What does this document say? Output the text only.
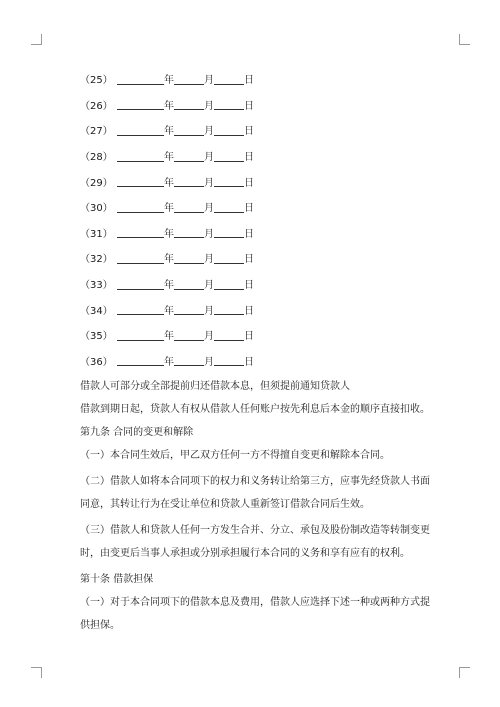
（25）	年	月	日
（26）	年	月	日
（27）	年	月	日
（28）	年	月	日
（29）	年	月	日
（30）	年	月	日
（31）	年	月	日
（32）	年	月	日
（33）	年	月	日
（34）	年	月	日
（35）	年	月	日
（36）	年	月	日

借款人可部分或全部提前归还借款本息，但须提前通知贷款人

借款到期日起，贷款人有权从借款人任何账户按先利息后本金的顺序直接扣收。

第九条 合同的变更和解除

（一）本合同生效后，甲乙双方任何一方不得擅自变更和解除本合同。

（二）借款人如将本合同项下的权力和义务转让给第三方，应事先经贷款人书面

同意，其转让行为在受让单位和贷款人重新签订借款合同后生效。

（三）借款人和贷款人任何一方发生合并、分立、承包及股份制改造等转制变更

时，由变更后当事人承担或分别承担履行本合同的义务和享有应有的权利。

第十条 借款担保

（一）对于本合同项下的借款本息及费用，借款人应选择下述一种或两种方式提

供担保。
